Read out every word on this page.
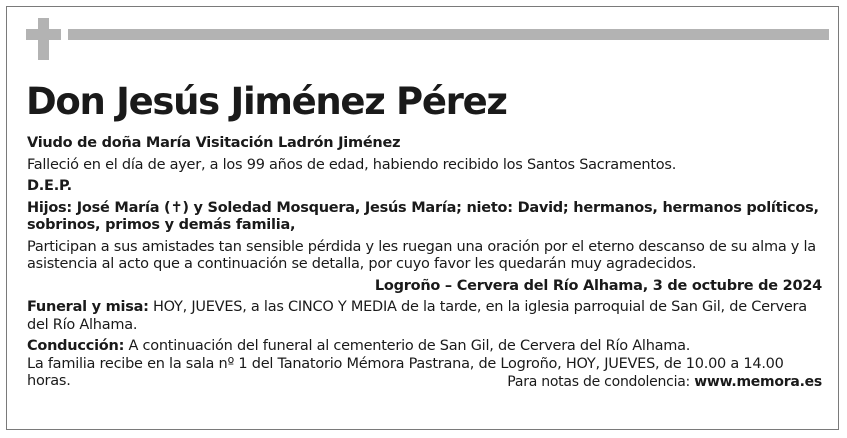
Don Jesús Jiménez Pérez

Viudo de doña María Visitación Ladrón Jiménez

Falleció en el día de ayer, a los 99 años de edad, habiendo recibido los Santos Sacramentos.

D.E.P.

Hijos: José María (✝) y Soledad Mosquera, Jesús María; nieto: David; hermanos, hermanos políticos, sobrinos, primos y demás familia,

Participan a sus amistades tan sensible pérdida y les ruegan una oración por el eterno descanso de su alma y la asistencia al acto que a continuación se detalla, por cuyo favor les quedarán muy agradecidos.

Logroño – Cervera del Río Alhama, 3 de octubre de 2024

Funeral y misa: HOY, JUEVES, a las CINCO Y MEDIA de la tarde, en la iglesia parroquial de San Gil, de Cervera del Río Alhama.

Conducción: A continuación del funeral al cementerio de San Gil, de Cervera del Río Alhama.

La familia recibe en la sala nº 1 del Tanatorio Mémora Pastrana, de Logroño, HOY, JUEVES, de 10.00 a 14.00 horas.	Para notas de condolencia: www.memora.es
